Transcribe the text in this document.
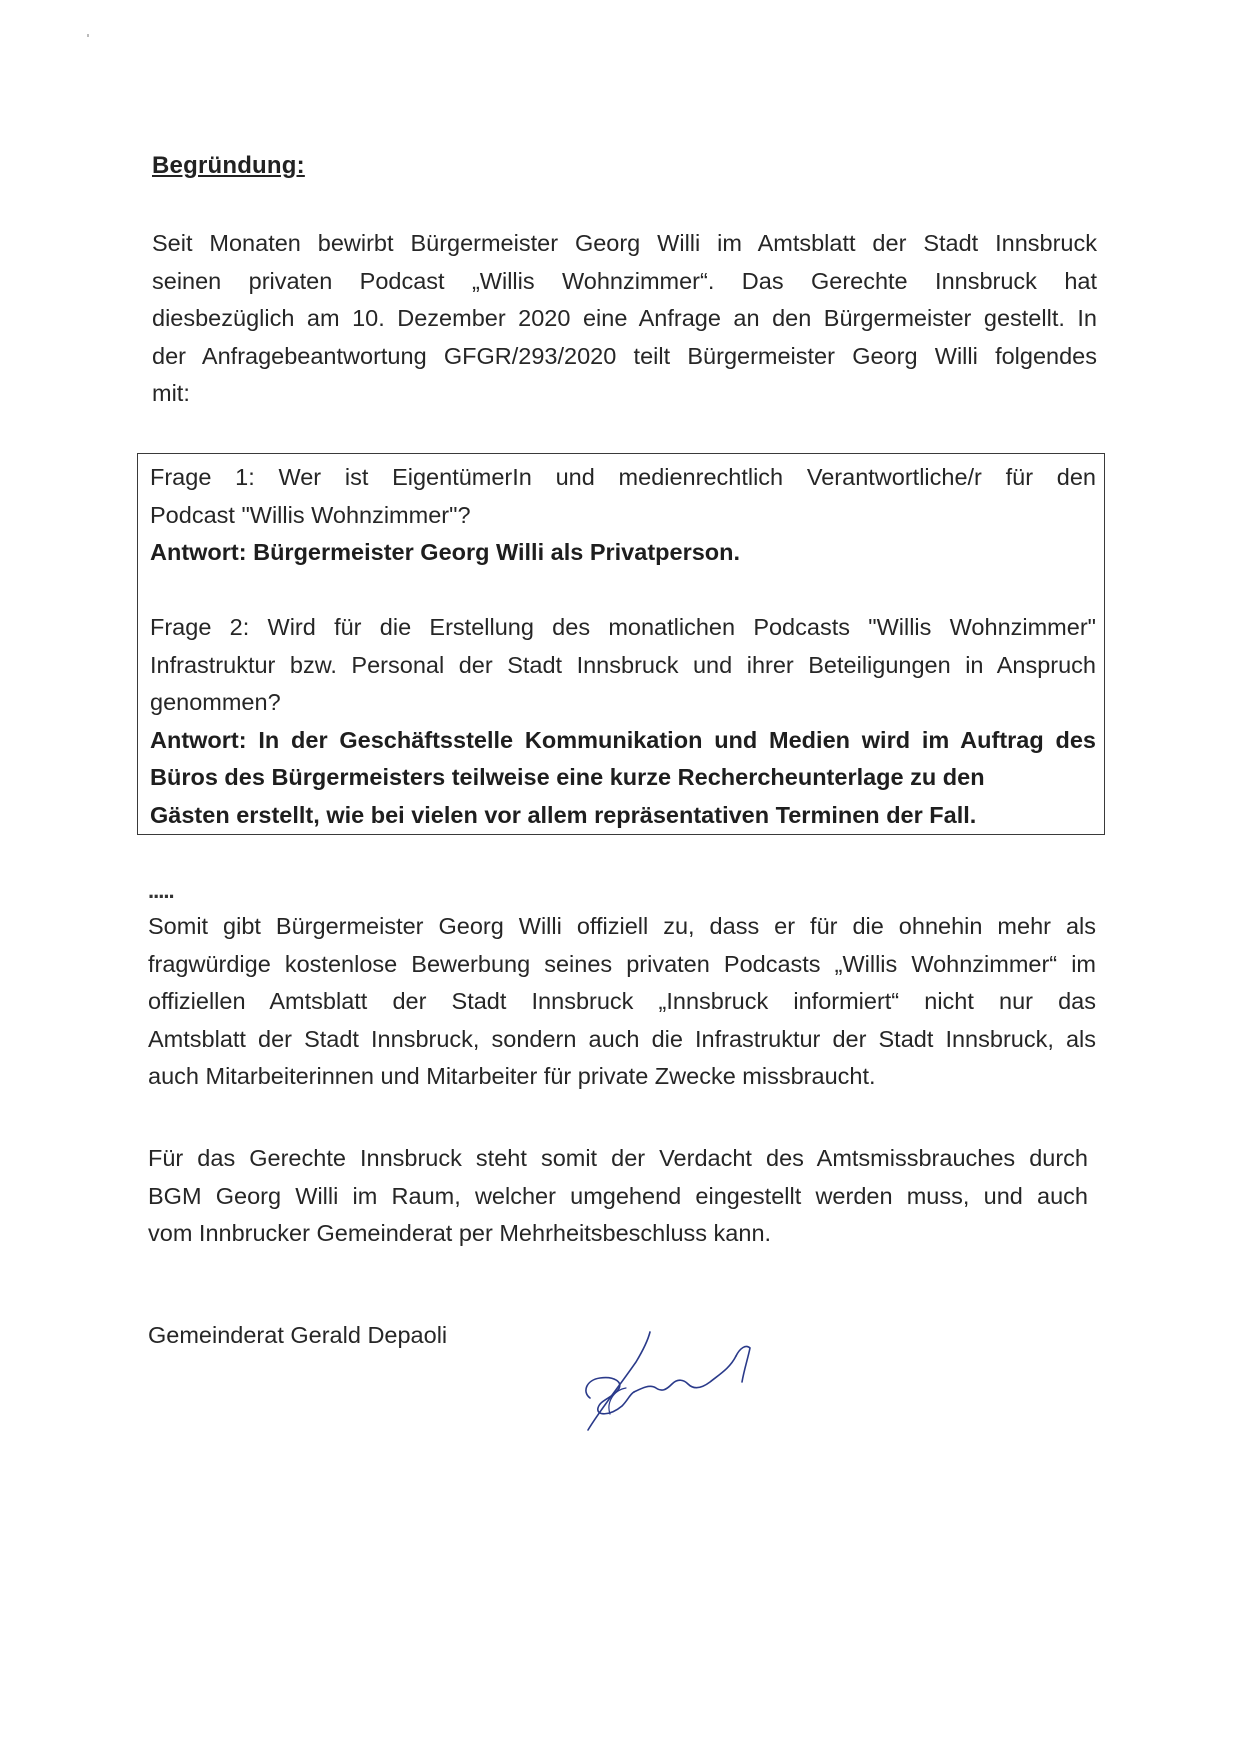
Begründung:
Seit Monaten bewirbt Bürgermeister Georg Willi im Amtsblatt der Stadt Innsbruck
seinen privaten Podcast „Willis Wohnzimmer“. Das Gerechte Innsbruck hat
diesbezüglich am 10. Dezember 2020 eine Anfrage an den Bürgermeister gestellt. In
der Anfragebeantwortung GFGR/293/2020 teilt Bürgermeister Georg Willi folgendes
mit:
Frage 1: Wer ist EigentümerIn und medienrechtlich Verantwortliche/r für den
Podcast "Willis Wohnzimmer"?
Antwort: Bürgermeister Georg Willi als Privatperson.
Frage 2: Wird für die Erstellung des monatlichen Podcasts "Willis Wohnzimmer"
Infrastruktur bzw. Personal der Stadt Innsbruck und ihrer Beteiligungen in Anspruch
genommen?
Antwort: In der Geschäftsstelle Kommunikation und Medien wird im Auftrag des
Büros des Bürgermeisters teilweise eine kurze Rechercheunterlage zu den
Gästen erstellt, wie bei vielen vor allem repräsentativen Terminen der Fall.
.....
Somit gibt Bürgermeister Georg Willi offiziell zu, dass er für die ohnehin mehr als
fragwürdige kostenlose Bewerbung seines privaten Podcasts „Willis Wohnzimmer“ im
offiziellen Amtsblatt der Stadt Innsbruck „Innsbruck informiert“ nicht nur das
Amtsblatt der Stadt Innsbruck, sondern auch die Infrastruktur der Stadt Innsbruck, als
auch Mitarbeiterinnen und Mitarbeiter für private Zwecke missbraucht.
Für das Gerechte Innsbruck steht somit der Verdacht des Amtsmissbrauches durch
BGM Georg Willi im Raum, welcher umgehend eingestellt werden muss, und auch
vom Innbrucker Gemeinderat per Mehrheitsbeschluss kann.
Gemeinderat Gerald Depaoli
